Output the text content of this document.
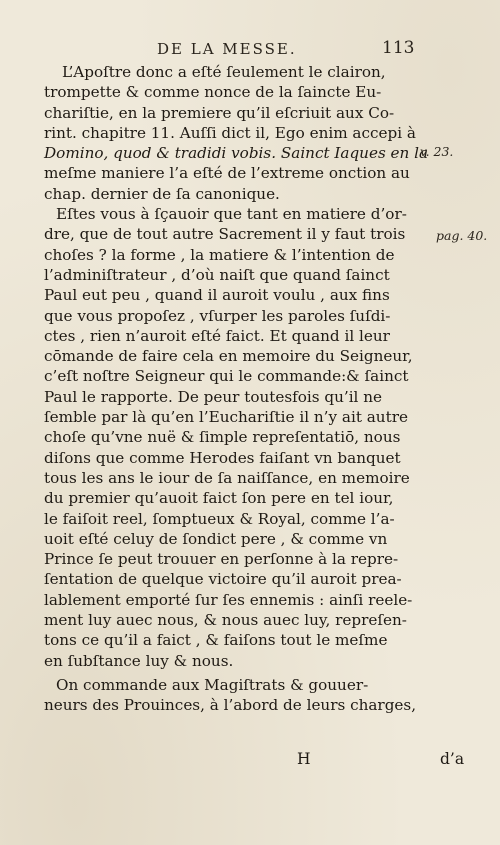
DE LA MESSE.	113
L’Apoſtre donc a eſté ſeulement le clairon,
trompette & comme nonce de la ſaincte Eu-
chariſtie, en la premiere qu’il eſcriuit aux Co-
rint. chapitre 11. Auſſi dict il, Ego enim accepi à
Domino, quod & tradidi vobis. Sainct Iaques en la
meſme maniere l’a eſté de l’extreme onction au
chap. dernier de ſa canonique.
Eſtes vous à ſçauoir que tant en matiere d’or-
dre, que de tout autre Sacrement il y faut trois
choſes ? la forme , la matiere & l’intention de
l’adminiſtrateur , d’où naiſt que quand ſainct
Paul eut peu , quand il auroit voulu , aux fins
que vous propoſez , vſurper les paroles ſuſdi-
ctes , rien n’auroit eſté faict. Et quand il leur
cōmande de faire cela en memoire du Seigneur,
c’eſt noſtre Seigneur qui le commande:& ſainct
Paul le rapporte. De peur toutesfois qu’il ne
ſemble par là qu’en l’Euchariſtie il n’y ait autre
choſe qu’vne nuë & ſimple repreſentatiō, nous
diſons que comme Herodes faiſant vn banquet
tous les ans le iour de ſa naiſſance, en memoire
du premier qu’auoit faict ſon pere en tel iour,
le faiſoit reel, ſomptueux & Royal, comme l’a-
uoit eſté celuy de ſondict pere , & comme vn
Prince ſe peut trouuer en perſonne à la repre-
ſentation de quelque victoire qu’il auroit prea-
lablement emporté ſur ſes ennemis : ainſi reele-
ment luy auec nous, & nous auec luy, repreſen-
tons ce qu’il a faict , & faiſons tout le meſme
en ſubſtance luy & nous.
On commande aux Magiſtrats & gouuer-
neurs des Prouinces, à l’abord de leurs charges,
v. 23.
pag. 40.
H	d’a
